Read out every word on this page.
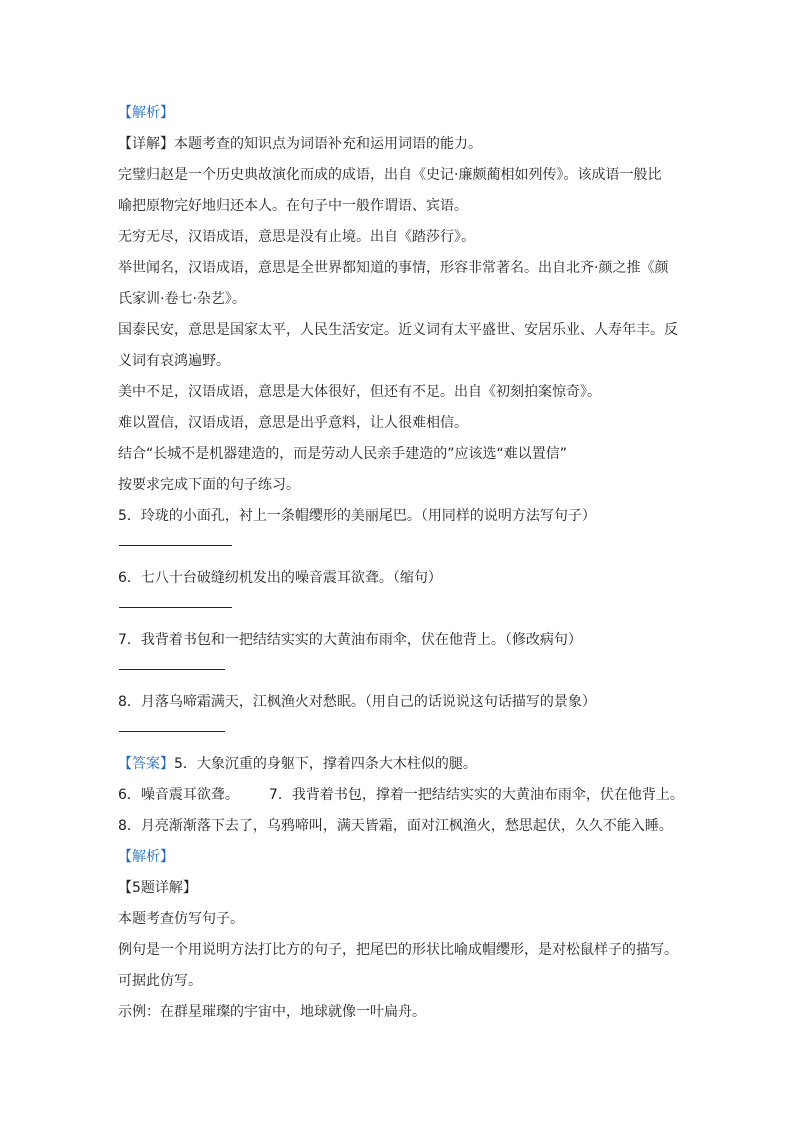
【解析】
【详解】本题考查的知识点为词语补充和运用词语的能力。
完璧归赵是一个历史典故演化而成的成语，出自《史记·廉颇蔺相如列传》。该成语一般比
喻把原物完好地归还本人。在句子中一般作谓语、宾语。
无穷无尽，汉语成语，意思是没有止境。出自《踏莎行》。
举世闻名，汉语成语，意思是全世界都知道的事情，形容非常著名。出自北齐·颜之推《颜
氏家训·卷七·杂艺》。
国泰民安，意思是国家太平，人民生活安定。近义词有太平盛世、安居乐业、人寿年丰。反
义词有哀鸿遍野。
美中不足，汉语成语，意思是大体很好，但还有不足。出自《初刻拍案惊奇》。
难以置信，汉语成语，意思是出乎意料，让人很难相信。
结合“长城不是机器建造的，而是劳动人民亲手建造的”应该选“难以置信”
按要求完成下面的句子练习。
5．玲珑的小面孔，衬上一条帽缨形的美丽尾巴。（用同样的说明方法写句子）
6．七八十台破缝纫机发出的噪音震耳欲聋。（缩句）
7．我背着书包和一把结结实实的大黄油布雨伞，伏在他背上。（修改病句）
8．月落乌啼霜满天，江枫渔火对愁眠。（用自己的话说说这句话描写的景象）
【答案】5．大象沉重的身躯下，撑着四条大木柱似的腿。
6．噪音震耳欲聋。 7．我背着书包，撑着一把结结实实的大黄油布雨伞，伏在他背上。
8．月亮渐渐落下去了，乌鸦啼叫，满天皆霜，面对江枫渔火，愁思起伏，久久不能入睡。
【解析】
【5题详解】
本题考查仿写句子。
例句是一个用说明方法打比方的句子，把尾巴的形状比喻成帽缨形，是对松鼠样子的描写。
可据此仿写。
示例：在群星璀璨的宇宙中，地球就像一叶扁舟。
